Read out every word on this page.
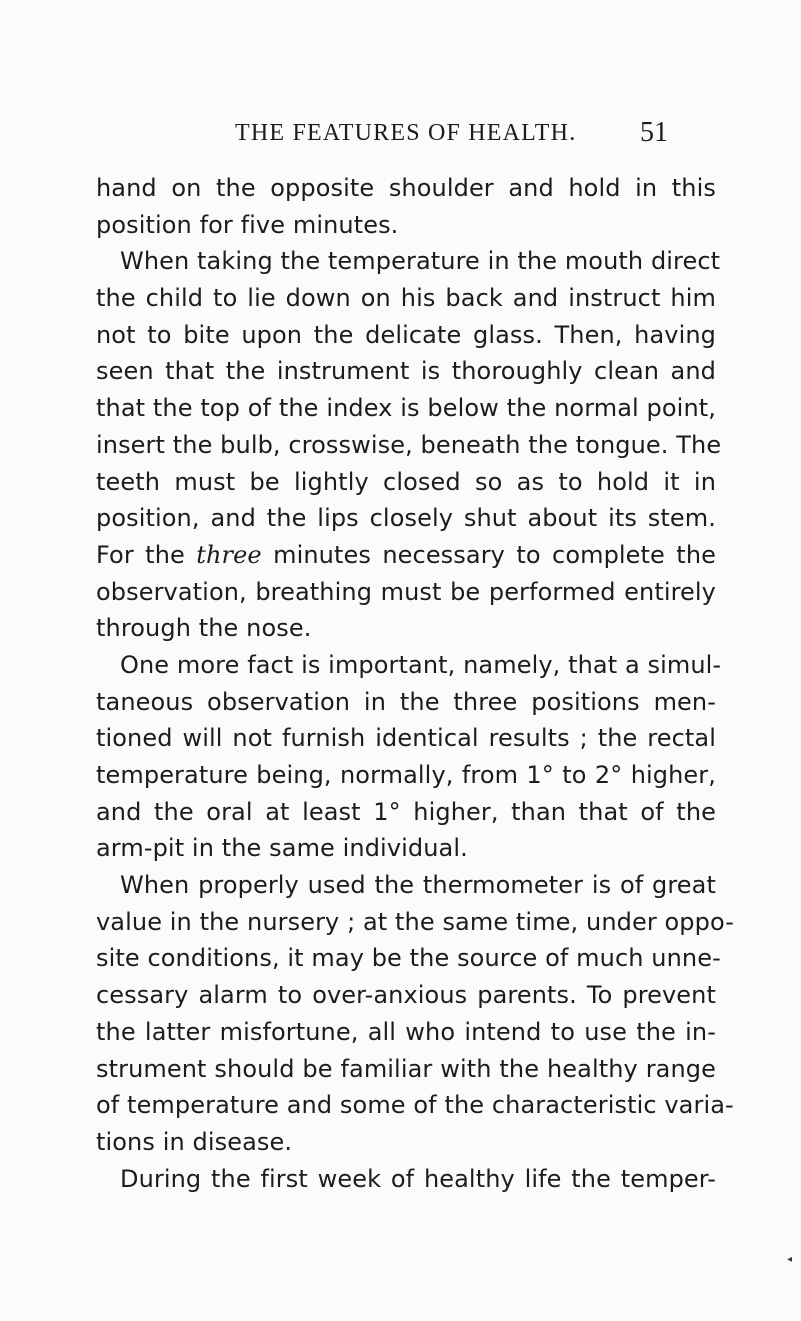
THE FEATURES OF HEALTH. 51
hand on the opposite shoulder and hold in this
position for five minutes.
When taking the temperature in the mouth direct
the child to lie down on his back and instruct him
not to bite upon the delicate glass. Then, having
seen that the instrument is thoroughly clean and
that the top of the index is below the normal point,
insert the bulb, crosswise, beneath the tongue. The
teeth must be lightly closed so as to hold it in
position, and the lips closely shut about its stem.
For the three minutes necessary to complete the
observation, breathing must be performed entirely
through the nose.
One more fact is important, namely, that a simul-
taneous observation in the three positions men-
tioned will not furnish identical results ; the rectal
temperature being, normally, from 1° to 2° higher,
and the oral at least 1° higher, than that of the
arm-pit in the same individual.
When properly used the thermometer is of great
value in the nursery ; at the same time, under oppo-
site conditions, it may be the source of much unne-
cessary alarm to over-anxious parents. To prevent
the latter misfortune, all who intend to use the in-
strument should be familiar with the healthy range
of temperature and some of the characteristic varia-
tions in disease.
During the first week of healthy life the temper-
◂
